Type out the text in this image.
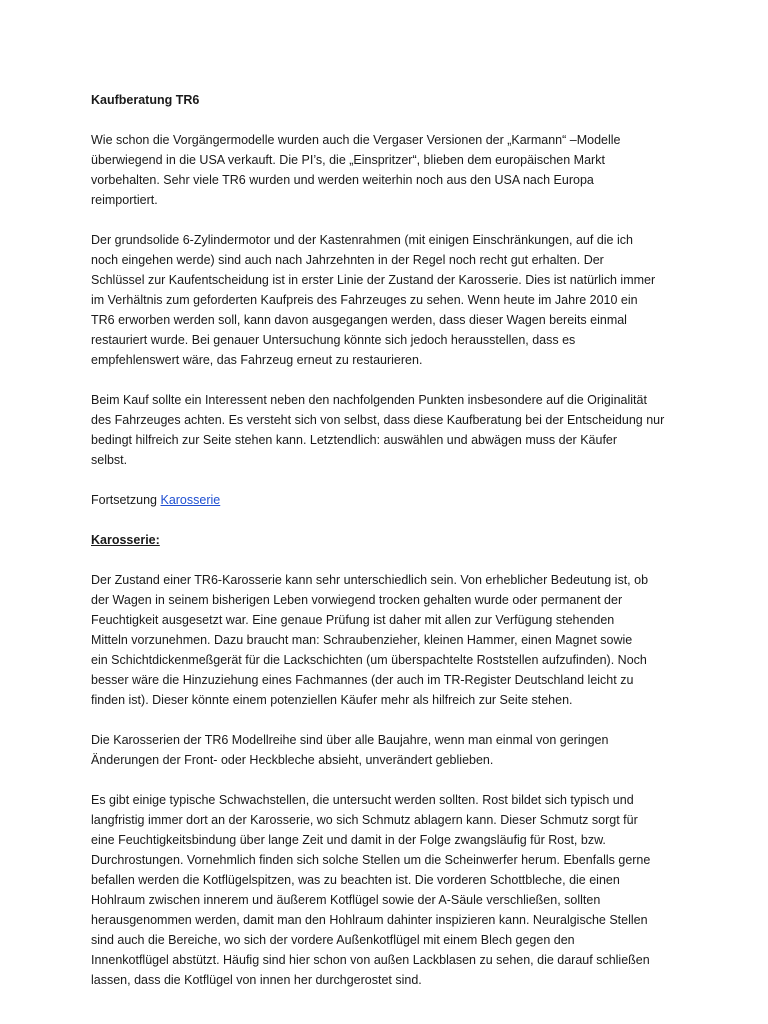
Kaufberatung TR6

Wie schon die Vorgängermodelle wurden auch die Vergaser Versionen der „Karmann“ –Modelle
überwiegend in die USA verkauft. Die PI’s, die „Einspritzer“, blieben dem europäischen Markt
vorbehalten. Sehr viele TR6 wurden und werden weiterhin noch aus den USA nach Europa
reimportiert.

Der grundsolide 6-Zylindermotor und der Kastenrahmen (mit einigen Einschränkungen, auf die ich
noch eingehen werde) sind auch nach Jahrzehnten in der Regel noch recht gut erhalten. Der
Schlüssel zur Kaufentscheidung ist in erster Linie der Zustand der Karosserie. Dies ist natürlich immer
im Verhältnis zum geforderten Kaufpreis des Fahrzeuges zu sehen. Wenn heute im Jahre 2010 ein
TR6 erworben werden soll, kann davon ausgegangen werden, dass dieser Wagen bereits einmal
restauriert wurde. Bei genauer Untersuchung könnte sich jedoch herausstellen, dass es
empfehlenswert wäre, das Fahrzeug erneut zu restaurieren.

Beim Kauf sollte ein Interessent neben den nachfolgenden Punkten insbesondere auf die Originalität
des Fahrzeuges achten. Es versteht sich von selbst, dass diese Kaufberatung bei der Entscheidung nur
bedingt hilfreich zur Seite stehen kann. Letztendlich: auswählen und abwägen muss der Käufer
selbst.

Fortsetzung Karosserie

Karosserie:

Der Zustand einer TR6-Karosserie kann sehr unterschiedlich sein. Von erheblicher Bedeutung ist, ob
der Wagen in seinem bisherigen Leben vorwiegend trocken gehalten wurde oder permanent der
Feuchtigkeit ausgesetzt war. Eine genaue Prüfung ist daher mit allen zur Verfügung stehenden
Mitteln vorzunehmen. Dazu braucht man: Schraubenzieher, kleinen Hammer, einen Magnet sowie
ein Schichtdickenmeßgerät für die Lackschichten (um überspachtelte Roststellen aufzufinden). Noch
besser wäre die Hinzuziehung eines Fachmannes (der auch im TR-Register Deutschland leicht zu
finden ist). Dieser könnte einem potenziellen Käufer mehr als hilfreich zur Seite stehen.

Die Karosserien der TR6 Modellreihe sind über alle Baujahre, wenn man einmal von geringen
Änderungen der Front- oder Heckbleche absieht, unverändert geblieben.

Es gibt einige typische Schwachstellen, die untersucht werden sollten. Rost bildet sich typisch und
langfristig immer dort an der Karosserie, wo sich Schmutz ablagern kann. Dieser Schmutz sorgt für
eine Feuchtigkeitsbindung über lange Zeit und damit in der Folge zwangsläufig für Rost, bzw.
Durchrostungen. Vornehmlich finden sich solche Stellen um die Scheinwerfer herum. Ebenfalls gerne
befallen werden die Kotflügelspitzen, was zu beachten ist. Die vorderen Schottbleche, die einen
Hohlraum zwischen innerem und äußerem Kotflügel sowie der A-Säule verschließen, sollten
herausgenommen werden, damit man den Hohlraum dahinter inspizieren kann. Neuralgische Stellen
sind auch die Bereiche, wo sich der vordere Außenkotflügel mit einem Blech gegen den
Innenkotflügel abstützt. Häufig sind hier schon von außen Lackblasen zu sehen, die darauf schließen
lassen, dass die Kotflügel von innen her durchgerostet sind.
